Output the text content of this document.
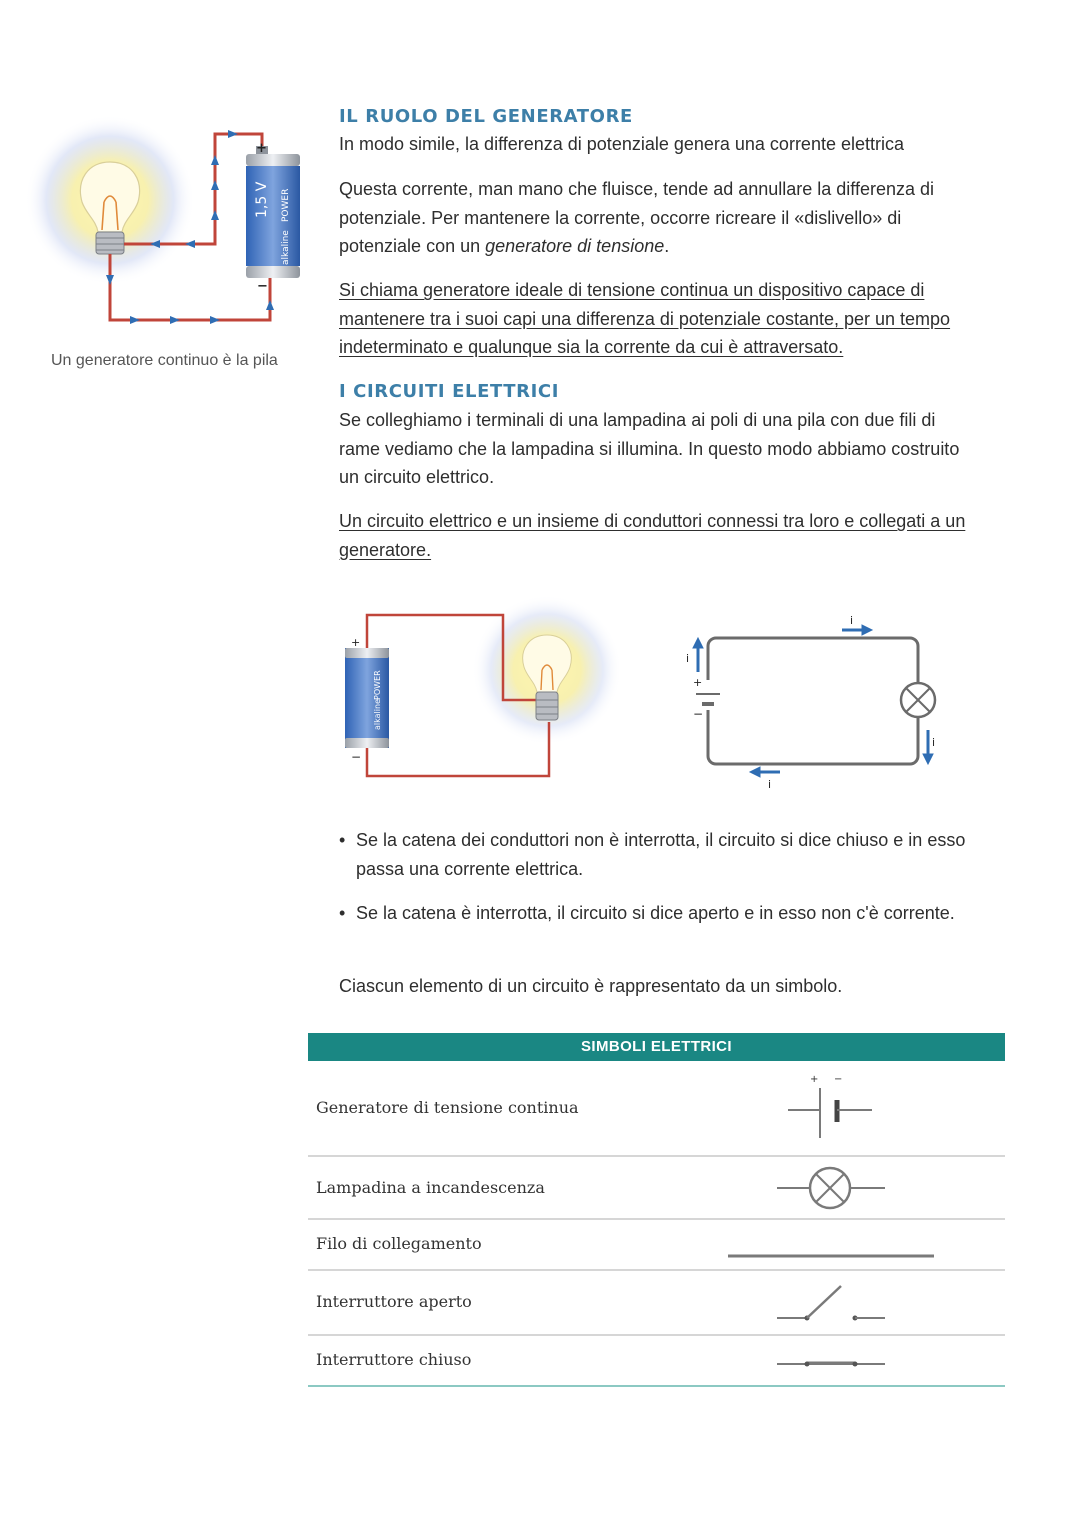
+
−
1,5 V
alkaline
POWER
Un generatore continuo è la pila
IL RUOLO DEL GENERATORE

In modo simile, la differenza di potenziale genera una corrente elettrica

Questa corrente, man mano che fluisce, tende ad annullare la differenza di potenziale. Per mantenere la corrente, occorre ricreare il «dislivello» di potenziale con un generatore di tensione.

Si chiama generatore ideale di tensione continua un dispositivo capace di mantenere tra i suoi capi una differenza di potenziale costante, per un tempo indeterminato e qualunque sia la corrente da cui è attraversato.

I CIRCUITI ELETTRICI

Se colleghiamo i terminali di una lampadina ai poli di una pila con due fili di rame vediamo che la lampadina si illumina. In questo modo abbiamo costruito un circuito elettrico.

Un circuito elettrico e un insieme di conduttori connessi tra loro e collegati a un generatore.

+
−
alkaline
POWER	+
−
i
i
i
i
• Se la catena dei conduttori non è interrotta, il circuito si dice chiuso e in esso passa una corrente elettrica.
• Se la catena è interrotta, il circuito si dice aperto e in esso non c'è corrente.

Ciascun elemento di un circuito è rappresentato da un simbolo.

SIMBOLI ELETTRICI
Generatore di tensione continua
+ −
Lampadina a incandescenza
Filo di collegamento
Interruttore aperto
Interruttore chiuso
